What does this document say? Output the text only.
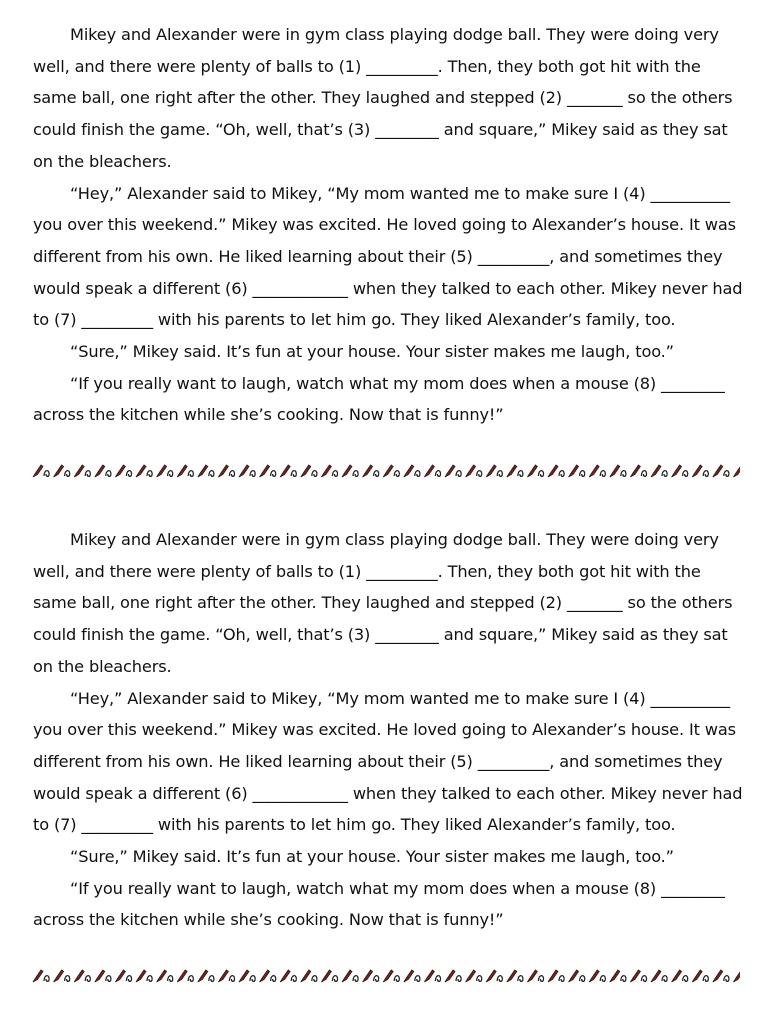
Mikey and Alexander were in gym class playing dodge ball. They were doing very well, and there were plenty of balls to (1) _________. Then, they both got hit with the same ball, one right after the other. They laughed and stepped (2) _______ so the others could finish the game. “Oh, well, that’s (3) ________ and square,” Mikey said as they sat on the bleachers.

“Hey,” Alexander said to Mikey, “My mom wanted me to make sure I (4) __________ you over this weekend.” Mikey was excited. He loved going to Alexander’s house. It was different from his own. He liked learning about their (5) _________, and sometimes they would speak a different (6) ____________ when they talked to each other. Mikey never had to (7) _________ with his parents to let him go. They liked Alexander’s family, too.

“Sure,” Mikey said. It’s fun at your house. Your sister makes me laugh, too.”

“If you really want to laugh, watch what my mom does when a mouse (8) ________ across the kitchen while she’s cooking. Now that is funny!”

Mikey and Alexander were in gym class playing dodge ball. They were doing very well, and there were plenty of balls to (1) _________. Then, they both got hit with the same ball, one right after the other. They laughed and stepped (2) _______ so the others could finish the game. “Oh, well, that’s (3) ________ and square,” Mikey said as they sat on the bleachers.

“Hey,” Alexander said to Mikey, “My mom wanted me to make sure I (4) __________ you over this weekend.” Mikey was excited. He loved going to Alexander’s house. It was different from his own. He liked learning about their (5) _________, and sometimes they would speak a different (6) ____________ when they talked to each other. Mikey never had to (7) _________ with his parents to let him go. They liked Alexander’s family, too.

“Sure,” Mikey said. It’s fun at your house. Your sister makes me laugh, too.”

“If you really want to laugh, watch what my mom does when a mouse (8) ________ across the kitchen while she’s cooking. Now that is funny!”
